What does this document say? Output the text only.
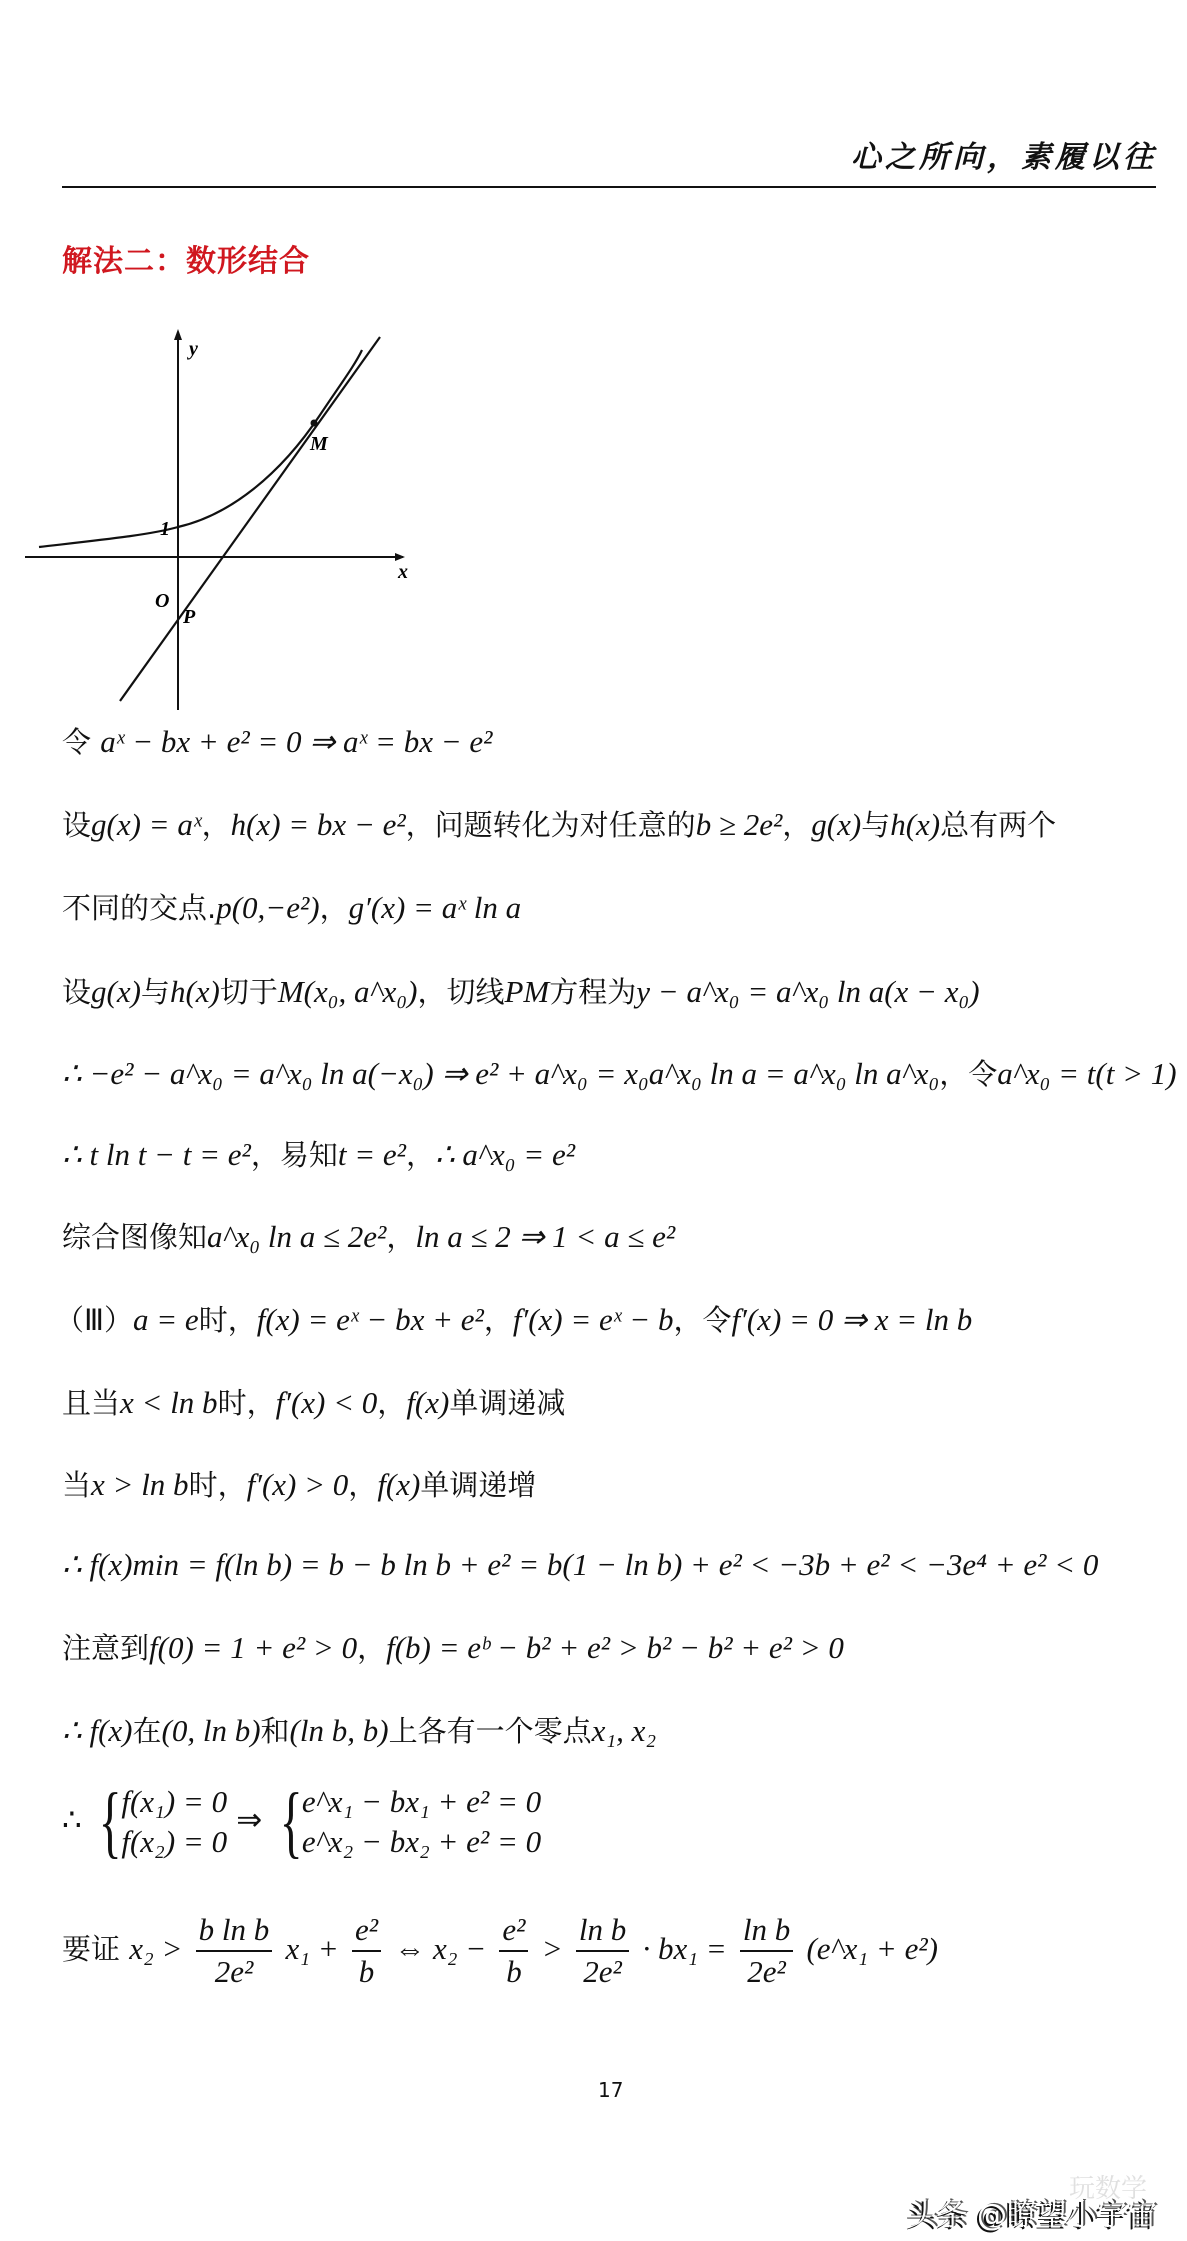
心之所向，素履以往
解法二：数形结合
y
x
O
1
P
M
令 aˣ − bx + e² = 0 ⇒ aˣ = bx − e²
设g(x) = aˣ，h(x) = bx − e²，问题转化为对任意的b ≥ 2e²，g(x)与h(x)总有两个
不同的交点.p(0,−e²)，g′(x) = aˣ ln a
设g(x)与h(x)切于M(x₀, a^x₀)，切线PM方程为y − a^x₀ = a^x₀ ln a(x − x₀)
∴ −e² − a^x₀ = a^x₀ ln a(−x₀) ⇒ e² + a^x₀ = x₀a^x₀ ln a = a^x₀ ln a^x₀，令a^x₀ = t(t > 1)
∴ t ln t − t = e²，易知t = e²，∴ a^x₀ = e²
综合图像知a^x₀ ln a ≤ 2e²，ln a ≤ 2 ⇒ 1 < a ≤ e²
（Ⅲ）a = e时，f(x) = eˣ − bx + e²，f′(x) = eˣ − b，令f′(x) = 0 ⇒ x = ln b
且当x < ln b时，f′(x) < 0，f(x)单调递减
当x > ln b时，f′(x) > 0，f(x)单调递增
∴ f(x)min = f(ln b) = b − b ln b + e² = b(1 − ln b) + e² < −3b + e² < −3e⁴ + e² < 0
注意到f(0) = 1 + e² > 0，f(b) = eᵇ − b² + e² > b² − b² + e² > 0
∴ f(x)在(0, ln b)和(ln b, b)上各有一个零点x₁, x₂
∴ { f(x₁) = 0
f(x₂) = 0
⇒ { e^x₁ − bx₁ + e² = 0
e^x₂ − bx₂ + e² = 0
要证 $x_2 > \frac{\text{b ln b}}{\text{2e²}} x_1 + \frac{\text{e²}}{b}$ ⇔ $x_2 - \frac{\text{e²}}{b} > \frac{\text{ln b}}{\text{2e²}} \cdot bx_1 = \frac{\text{ln b}}{\text{2e²}}$ (e^x₁ + e²)
17
玩数学
头条 @瞭望小宇宙
